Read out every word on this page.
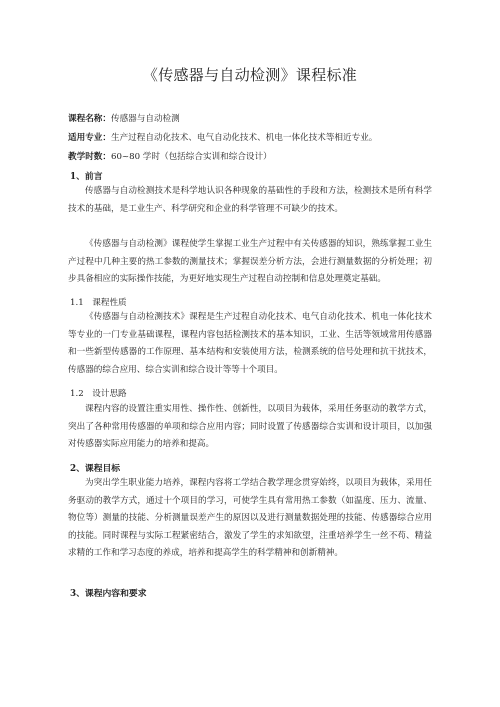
《传感器与自动检测》课程标准
课程名称：传感器与自动检测
适用专业：生产过程自动化技术、电气自动化技术、机电一体化技术等相近专业。
教学时数：60~80 学时（包括综合实训和综合设计）
1、前言

传感器与自动检测技术是科学地认识各种现象的基础性的手段和方法，检测技术是所有科学技术的基础，是工业生产、科学研究和企业的科学管理不可缺少的技术。

《传感器与自动检测》课程使学生掌握工业生产过程中有关传感器的知识，熟练掌握工业生产过程中几种主要的热工参数的测量技术；掌握误差分析方法，会进行测量数据的分析处理；初步具备相应的实际操作技能，为更好地实现生产过程自动控制和信息处理奠定基础。

1.1　课程性质

《传感器与自动检测技术》课程是生产过程自动化技术、电气自动化技术、机电一体化技术等专业的一门专业基础课程，课程内容包括检测技术的基本知识，工业、生活等领域常用传感器和一些新型传感器的工作原理、基本结构和安装使用方法，检测系统的信号处理和抗干扰技术，传感器的综合应用、综合实训和综合设计等等十个项目。

1.2　设计思路

课程内容的设置注重实用性、操作性、创新性，以项目为载体，采用任务驱动的教学方式，突出了各种常用传感器的单项和综合应用内容；同时设置了传感器综合实训和设计项目，以加强对传感器实际应用能力的培养和提高。

2、课程目标

为突出学生职业能力培养，课程内容将工学结合教学理念贯穿始终，以项目为载体，采用任务驱动的教学方式，通过十个项目的学习，可使学生具有常用热工参数（如温度、压力、流量、物位等）测量的技能、分析测量误差产生的原因以及进行测量数据处理的技能、传感器综合应用的技能。同时课程与实际工程紧密结合，激发了学生的求知欲望，注重培养学生一丝不苟、精益求精的工作和学习态度的养成，培养和提高学生的科学精神和创新精神。

3、课程内容和要求
